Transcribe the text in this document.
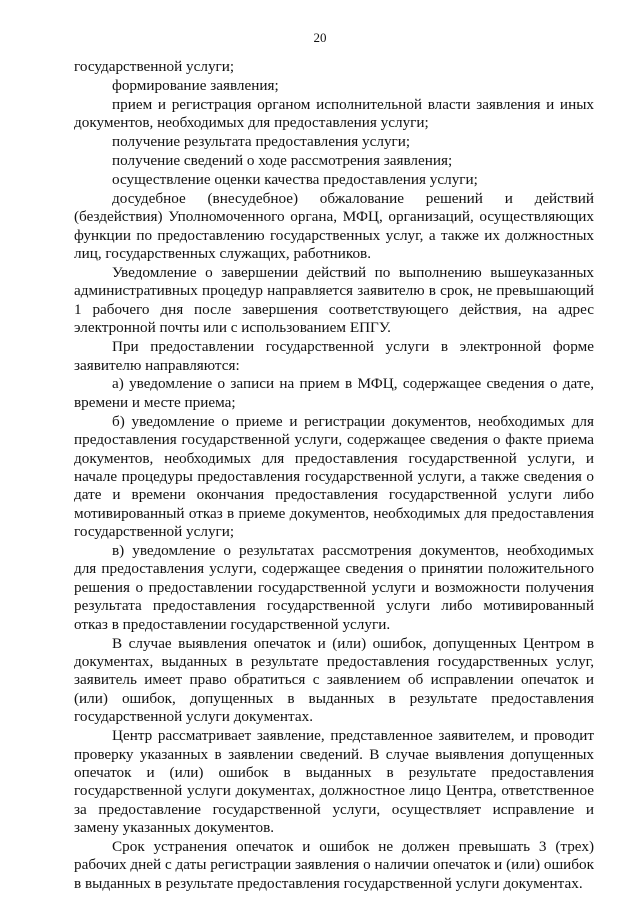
20

государственной услуги;

формирование заявления;

прием и регистрация органом исполнительной власти заявления и иных документов, необходимых для предоставления услуги;

получение результата предоставления услуги;

получение сведений о ходе рассмотрения заявления;

осуществление оценки качества предоставления услуги;

досудебное (внесудебное) обжалование решений и действий (бездействия) Уполномоченного органа, МФЦ, организаций, осуществляющих функции по предоставлению государственных услуг, а также их должностных лиц, государственных служащих, работников.

Уведомление о завершении действий по выполнению вышеуказанных административных процедур направляется заявителю в срок, не превышающий 1 рабочего дня после завершения соответствующего действия, на адрес электронной почты или с использованием ЕПГУ.

При предоставлении государственной услуги в электронной форме заявителю направляются:

а) уведомление о записи на прием в МФЦ, содержащее сведения о дате, времени и месте приема;

б) уведомление о приеме и регистрации документов, необходимых для предоставления государственной услуги, содержащее сведения о факте приема документов, необходимых для предоставления государственной услуги, и начале процедуры предоставления государственной услуги, а также сведения о дате и времени окончания предоставления государственной услуги либо мотивированный отказ в приеме документов, необходимых для предоставления государственной услуги;

в) уведомление о результатах рассмотрения документов, необходимых для предоставления услуги, содержащее сведения о принятии положительного решения о предоставлении государственной услуги и возможности получения результата предоставления государственной услуги либо мотивированный отказ в предоставлении государственной услуги.

В случае выявления опечаток и (или) ошибок, допущенных Центром в документах, выданных в результате предоставления государственных услуг, заявитель имеет право обратиться с заявлением об исправлении опечаток и (или) ошибок, допущенных в выданных в результате предоставления государственной услуги документах.

Центр рассматривает заявление, представленное заявителем, и проводит проверку указанных в заявлении сведений. В случае выявления допущенных опечаток и (или) ошибок в выданных в результате предоставления государственной услуги документах, должностное лицо Центра, ответственное за предоставление государственной услуги, осуществляет исправление и замену указанных документов.

Срок устранения опечаток и ошибок не должен превышать 3 (трех) рабочих дней с даты регистрации заявления о наличии опечаток и (или) ошибок в выданных в результате предоставления государственной услуги документах.
